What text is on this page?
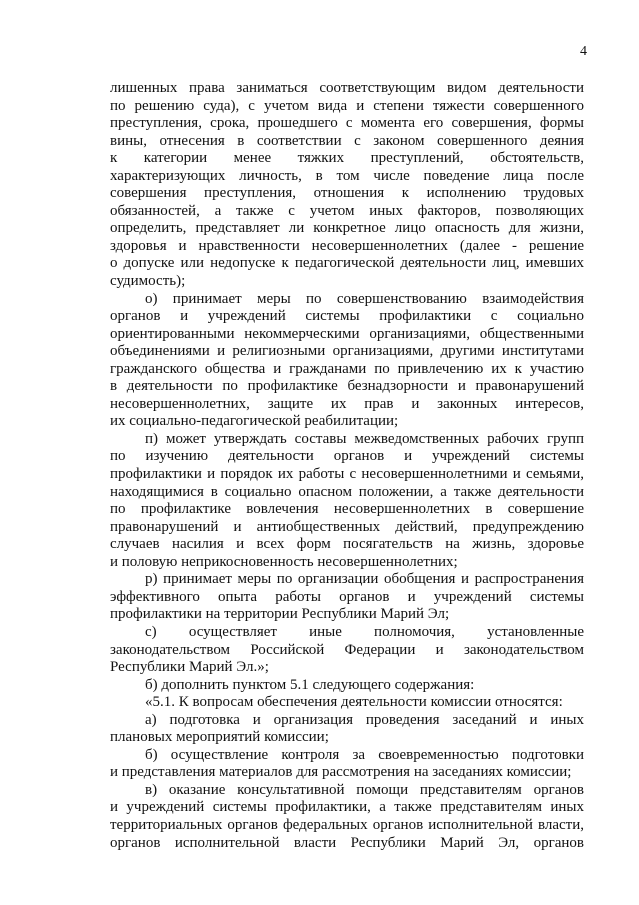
4
лишенных права заниматься соответствующим видом деятельности
по решению суда), с учетом вида и степени тяжести совершенного
преступления, срока, прошедшего с момента его совершения, формы
вины, отнесения в соответствии с законом совершенного деяния
к категории менее тяжких преступлений, обстоятельств,
характеризующих личность, в том числе поведение лица после
совершения преступления, отношения к исполнению трудовых
обязанностей, а также с учетом иных факторов, позволяющих
определить, представляет ли конкретное лицо опасность для жизни,
здоровья и нравственности несовершеннолетних (далее - решение
о допуске или недопуске к педагогической деятельности лиц, имевших
судимость);
о) принимает меры по совершенствованию взаимодействия
органов и учреждений системы профилактики с социально
ориентированными некоммерческими организациями, общественными
объединениями и религиозными организациями, другими институтами
гражданского общества и гражданами по привлечению их к участию
в деятельности по профилактике безнадзорности и правонарушений
несовершеннолетних, защите их прав и законных интересов,
их социально-педагогической реабилитации;
п) может утверждать составы межведомственных рабочих групп
по изучению деятельности органов и учреждений системы
профилактики и порядок их работы с несовершеннолетними и семьями,
находящимися в социально опасном положении, а также деятельности
по профилактике вовлечения несовершеннолетних в совершение
правонарушений и антиобщественных действий, предупреждению
случаев насилия и всех форм посягательств на жизнь, здоровье
и половую неприкосновенность несовершеннолетних;
р) принимает меры по организации обобщения и распространения
эффективного опыта работы органов и учреждений системы
профилактики на территории Республики Марий Эл;
с) осуществляет иные полномочия, установленные
законодательством Российской Федерации и законодательством
Республики Марий Эл.»;
б) дополнить пунктом 5.1 следующего содержания:
«5.1. К вопросам обеспечения деятельности комиссии относятся:
а) подготовка и организация проведения заседаний и иных
плановых мероприятий комиссии;
б) осуществление контроля за своевременностью подготовки
и представления материалов для рассмотрения на заседаниях комиссии;
в) оказание консультативной помощи представителям органов
и учреждений системы профилактики, а также представителям иных
территориальных органов федеральных органов исполнительной власти,
органов исполнительной власти Республики Марий Эл, органов
